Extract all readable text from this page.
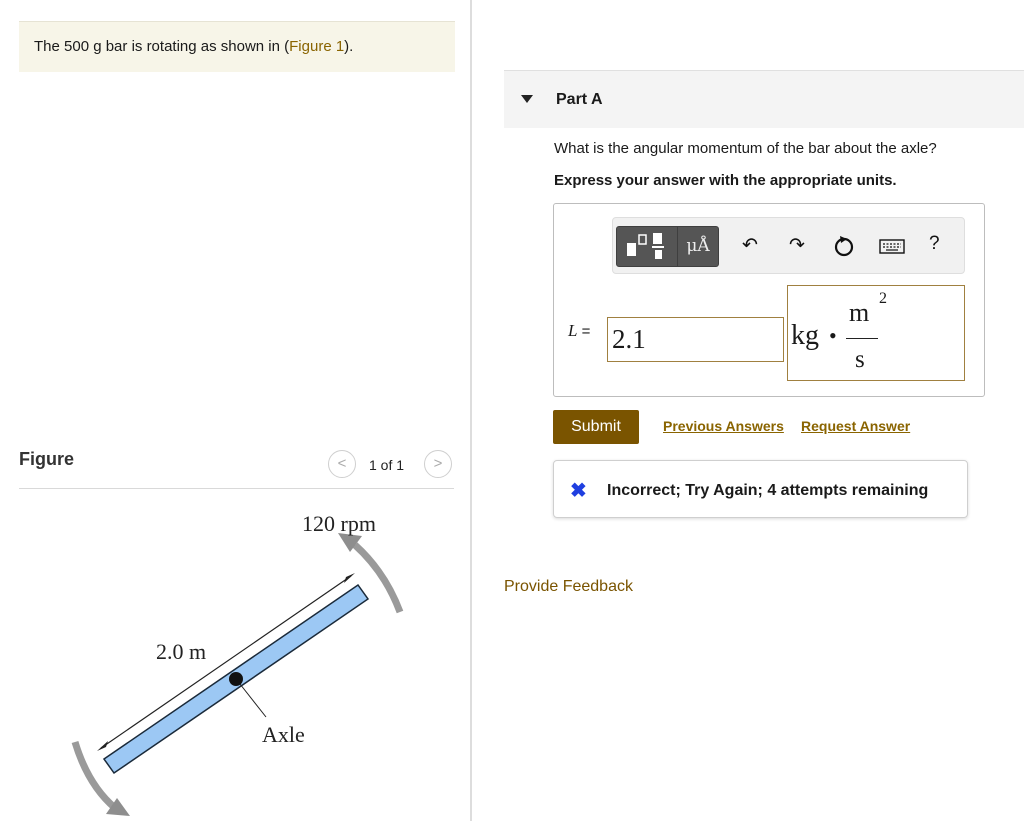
The 500 g bar is rotating as shown in (Figure 1).
Figure	<	1 of 1	>
120 rpm
2.0 m
Axle
Part A
What is the angular momentum of the bar about the axle?
Express your answer with the appropriate units.
μÅ	↶ ↷	?
L = 2.1	kg •
m 2
s
Submit	Previous Answers Request Answer
✖ Incorrect; Try Again; 4 attempts remaining
Provide Feedback
